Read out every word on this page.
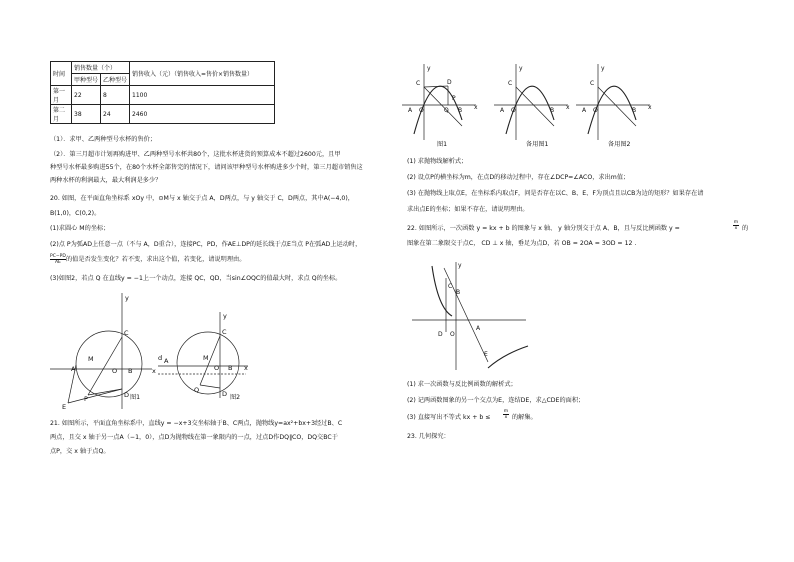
时间	销售数量（个）		销售收入（元）（销售收入=售价×销售数量）
	甲种型号	乙种型号	
第一月	22	8	1100
第二月	38	24	2460
（1）．求甲、乙两种型号水杯的售价；
（2）．第三月超市计划再购进甲、乙两种型号水杯共80个，这批水杯进货的预算成本不超过2600元，且甲
种型号水杯最多购进55个，在80个水杯全部售完的情况下，请问该甲种型号水杯购进多少个时，第三月超市销售这
两种水杯的利润最大，最大利润是多少？
20. 如图，在平面直角坐标系 xOy 中，⊙M与 x 轴交于点 A，D两点，与 y 轴交于 C，D两点，其中A(−4,0)，
B(1,0)，C(0,2)。
(1)求圆心 M的坐标；
(2)点 P为弧AD上任意一点（不与 A，D重合），连接PC，PD，作AE⊥DP的延长线于点E当点 P在弧AD上运动时，
$\frac{PC-PD}{AE}$ 的值是否发生变化？若不变，求出这个值，若变化，请说明理由。
(3)如图2，若点 Q 在直线y = −1上一个动点，连接 QC，QD，当sin∠OQC的值最大时，求点 Q的坐标。
C
M
A	O B	x
y
D
P
E
图1
C
M
A
O B x
y
D
Q
d
图2
21. 如图所示，平面直角坐标系中，直线y = −x+3交坐标轴于B、C两点，抛物线y=ax²+bx+3经过B、C
两点，且交 x 轴于另一点A（−1，0），点D为抛物线在第一象限内的一点，过点D作DQ∥CO，DQ交BC于
点P，交 x 轴于点Q。
C	D
A O	Q
P
B x
y
图1
C
A O	B x
y
备用图1
C
A O	B x
y
备用图2
(1) 求抛物线解析式；
(2) 设点P的横坐标为m，在点D的移动过程中，存在∠DCP=∠ACO，求出m值；
(3) 在抛物线上取点E，在坐标系内取点F，问是否存在以C、B、E、F为顶点且以CB为边的矩形？如果存在请
求出点E的坐标；如果不存在，请说明理由。
22. 如图所示，一次函数 y = kx + b 的图象与 x 轴、 y 轴分别交于点 A、B，且与反比例函数 y =	$\frac{m}{x}$ 的
图象在第二象限交于点C， CD ⊥ x 轴，垂足为点D，若 OB = 2OA = 3OD = 12 .
y
B
C
D O
A
E
(1) 求一次函数与反比例函数的解析式；
(2) 记两函数图象的另一个交点为E，连结DE，求△CDE的面积；
(3) 直接写出不等式 kx + b ≤	$\frac{m}{x}$ 的解集。
23. 几何探究：
